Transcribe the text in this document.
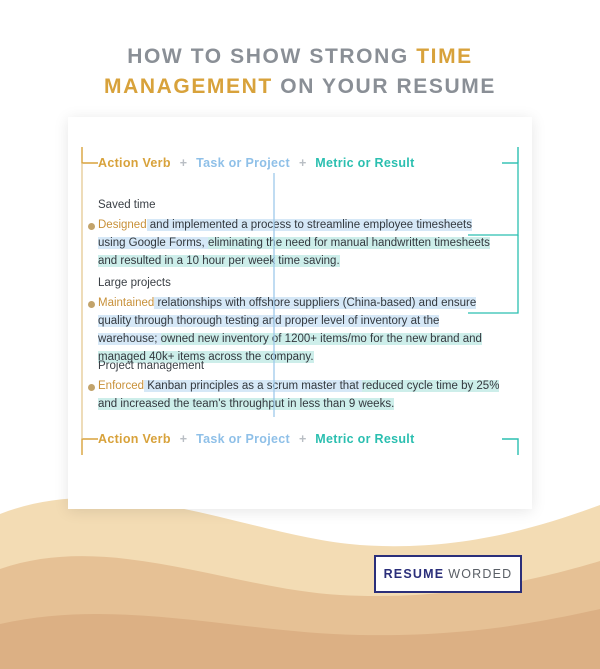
HOW TO SHOW STRONG TIME
MANAGEMENT ON YOUR RESUME
Action Verb + Task or Project + Metric or Result
Saved time
Designed and implemented a process to streamline employee timesheets using Google Forms, eliminating the need for manual handwritten timesheets and resulted in a 10 hour per week time saving.
Large projects
Maintained relationships with offshore suppliers (China-based) and ensure quality through thorough testing and proper level of inventory at the warehouse; owned new inventory of 1200+ items/mo for the new brand and managed 40k+ items across the company.
Project management
Enforced Kanban principles as a scrum master that reduced cycle time by 25% and increased the team's throughput in less than 9 weeks.
Action Verb + Task or Project + Metric or Result
RESUME WORDED
